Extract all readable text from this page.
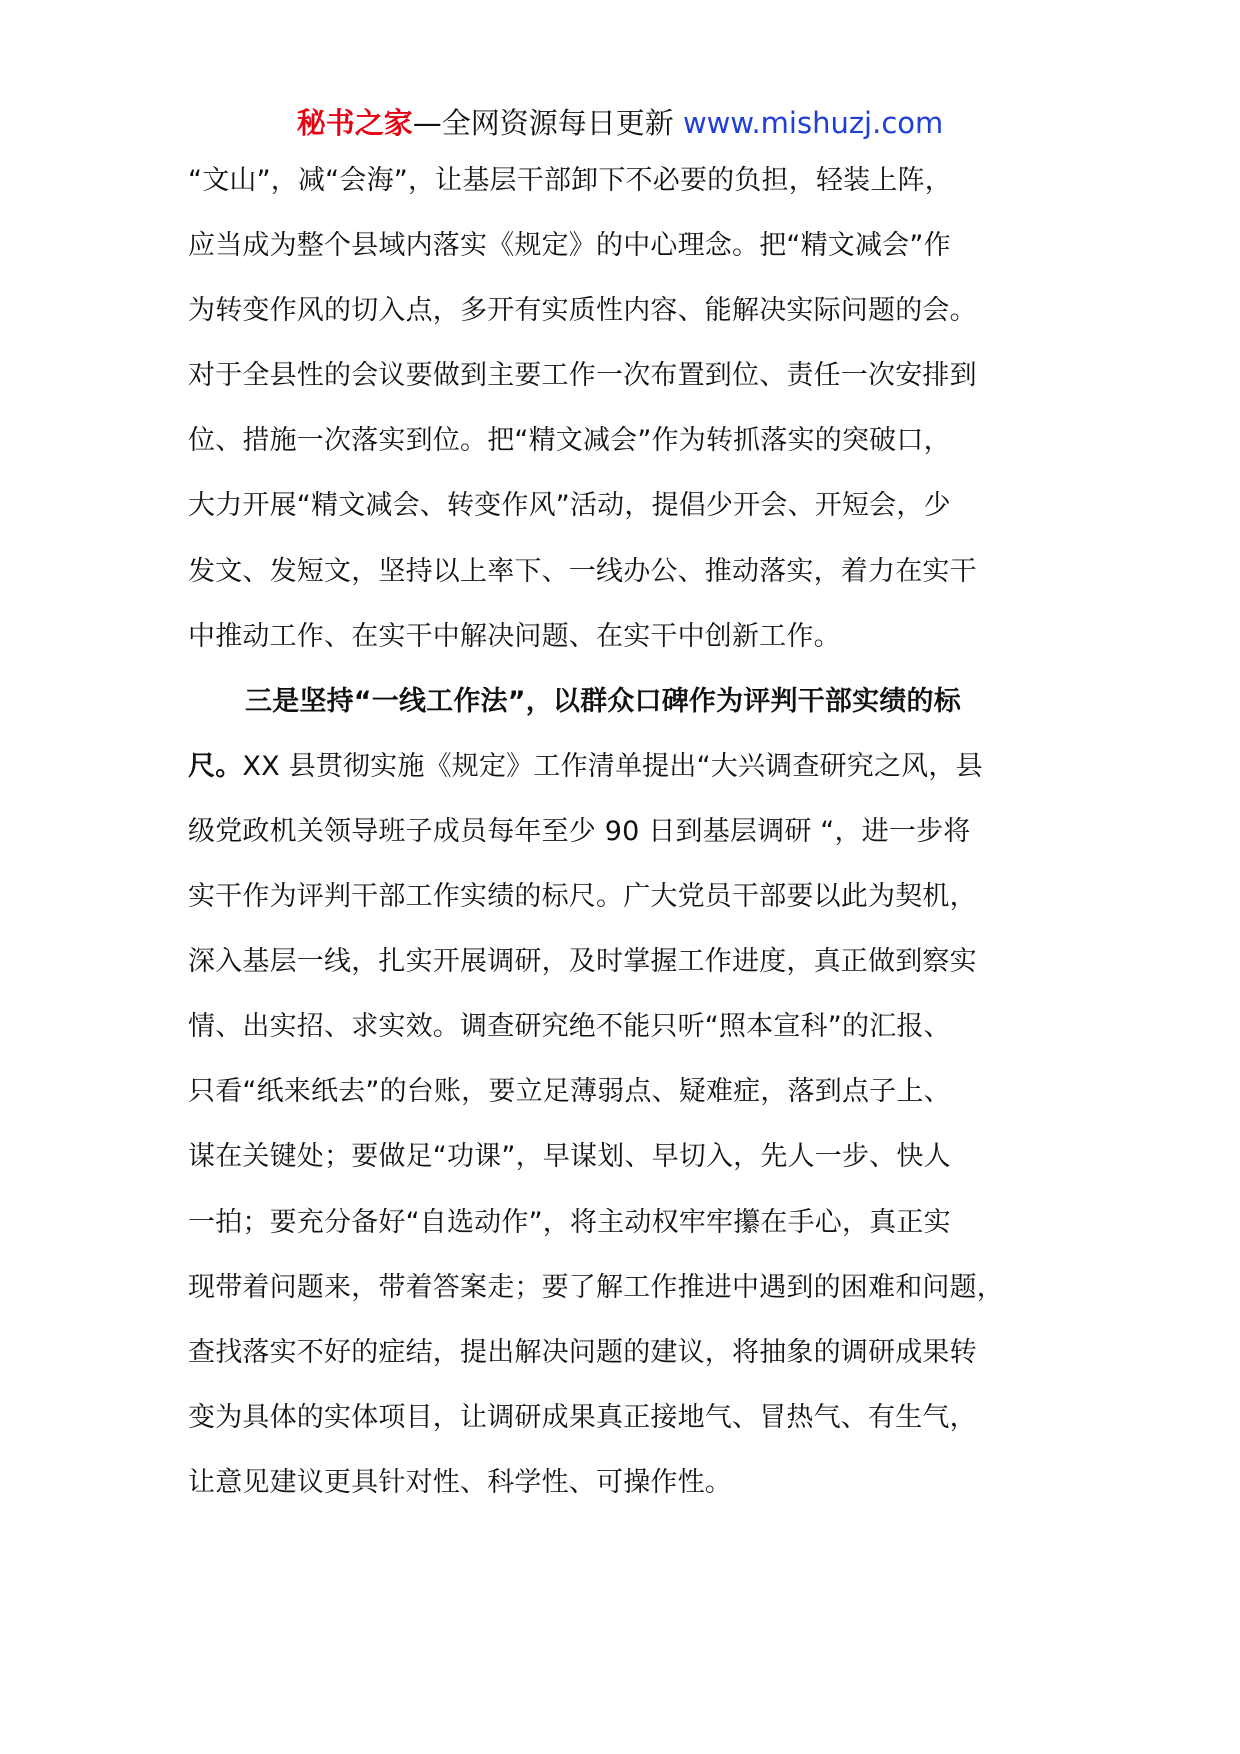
秘书之家—全网资源每日更新 www.mishuzj.com
“文山”，减“会海”，让基层干部卸下不必要的负担，轻装上阵，
应当成为整个县域内落实《规定》的中心理念。把“精文减会”作
为转变作风的切入点，多开有实质性内容、能解决实际问题的会。
对于全县性的会议要做到主要工作一次布置到位、责任一次安排到
位、措施一次落实到位。把“精文减会”作为转抓落实的突破口，
大力开展“精文减会、转变作风”活动，提倡少开会、开短会，少
发文、发短文，坚持以上率下、一线办公、推动落实，着力在实干
中推动工作、在实干中解决问题、在实干中创新工作。
三是坚持“一线工作法”，以群众口碑作为评判干部实绩的标
尺。XX 县贯彻实施《规定》工作清单提出“大兴调查研究之风，县
级党政机关领导班子成员每年至少 90 日到基层调研 “，进一步将
实干作为评判干部工作实绩的标尺。广大党员干部要以此为契机，
深入基层一线，扎实开展调研，及时掌握工作进度，真正做到察实
情、出实招、求实效。调查研究绝不能只听“照本宣科”的汇报、
只看“纸来纸去”的台账，要立足薄弱点、疑难症，落到点子上、
谋在关键处；要做足“功课”，早谋划、早切入，先人一步、快人
一拍；要充分备好“自选动作”，将主动权牢牢攥在手心，真正实
现带着问题来，带着答案走；要了解工作推进中遇到的困难和问题，
查找落实不好的症结，提出解决问题的建议，将抽象的调研成果转
变为具体的实体项目，让调研成果真正接地气、冒热气、有生气，
让意见建议更具针对性、科学性、可操作性。
